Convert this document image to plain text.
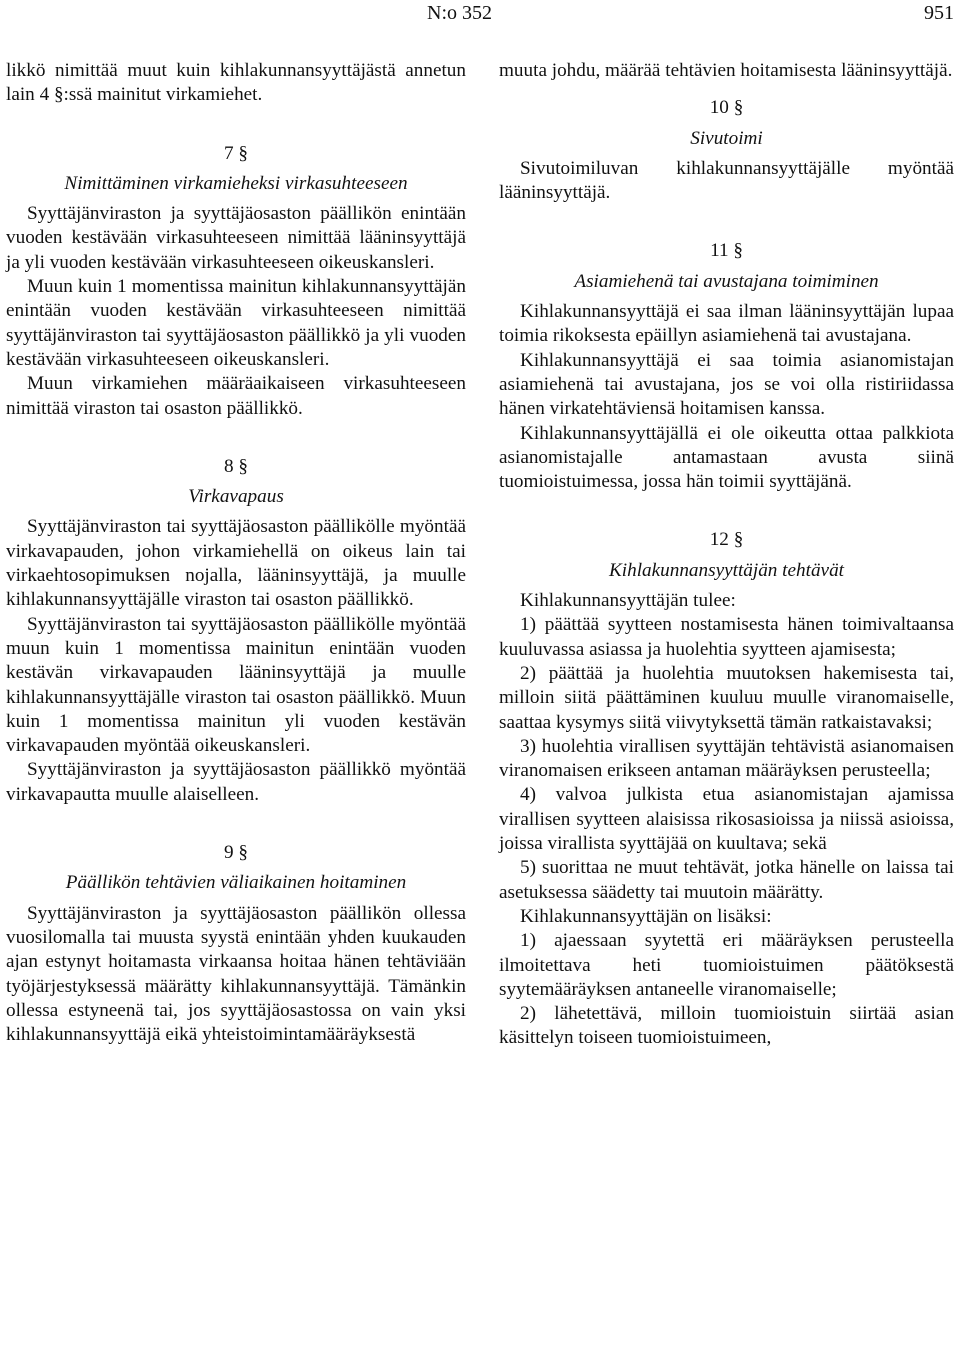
N:o 352	951

likkö nimittää muut kuin kihlakunnansyyttäjästä annetun lain 4 §:ssä mainitut virkamiehet.

7 §

Nimittäminen virkamieheksi virkasuhteeseen

Syyttäjänviraston ja syyttäjäosaston päällikön enintään vuoden kestävään virkasuhteeseen nimittää lääninsyyttäjä ja yli vuoden kestävään virkasuhteeseen oikeuskansleri.

Muun kuin 1 momentissa mainitun kihlakunnansyyttäjän enintään vuoden kestävään virkasuhteeseen nimittää syyttäjänviraston tai syyttäjäosaston päällikkö ja yli vuoden kestävään virkasuhteeseen oikeuskansleri.

Muun virkamiehen määräaikaiseen virkasuhteeseen nimittää viraston tai osaston päällikkö.

8 §

Virkavapaus

Syyttäjänviraston tai syyttäjäosaston päällikölle myöntää virkavapauden, johon virkamiehellä on oikeus lain tai virkaehtosopimuksen nojalla, lääninsyyttäjä, ja muulle kihlakunnansyyttäjälle viraston tai osaston päällikkö.

Syyttäjänviraston tai syyttäjäosaston päällikölle myöntää muun kuin 1 momentissa mainitun enintään vuoden kestävän virkavapauden lääninsyyttäjä ja muulle kihlakunnansyyttäjälle viraston tai osaston päällikkö. Muun kuin 1 momentissa mainitun yli vuoden kestävän virkavapauden myöntää oikeuskansleri.

Syyttäjänviraston ja syyttäjäosaston päällikkö myöntää virkavapautta muulle alaiselleen.

9 §

Päällikön tehtävien väliaikainen hoitaminen

Syyttäjänviraston ja syyttäjäosaston päällikön ollessa vuosilomalla tai muusta syystä enintään yhden kuukauden ajan estynyt hoitamasta virkaansa hoitaa hänen tehtäviään työjärjestyksessä määrätty kihlakunnansyyttäjä. Tämänkin ollessa estyneenä tai, jos syyttäjäosastossa on vain yksi kihlakunnansyyttäjä eikä yhteistoimintamääräyksestä

muuta johdu, määrää tehtävien hoitamisesta lääninsyyttäjä.

10 §

Sivutoimi

Sivutoimiluvan kihlakunnansyyttäjälle myöntää lääninsyyttäjä.

11 §

Asiamiehenä tai avustajana toimiminen

Kihlakunnansyyttäjä ei saa ilman lääninsyyttäjän lupaa toimia rikoksesta epäillyn asiamiehenä tai avustajana.

Kihlakunnansyyttäjä ei saa toimia asianomistajan asiamiehenä tai avustajana, jos se voi olla ristiriidassa hänen virkatehtäviensä hoitamisen kanssa.

Kihlakunnansyyttäjällä ei ole oikeutta ottaa palkkiota asianomistajalle antamastaan avusta siinä tuomioistuimessa, jossa hän toimii syyttäjänä.

12 §

Kihlakunnansyyttäjän tehtävät

Kihlakunnansyyttäjän tulee:

1) päättää syytteen nostamisesta hänen toimivaltaansa kuuluvassa asiassa ja huolehtia syytteen ajamisesta;

2) päättää ja huolehtia muutoksen hakemisesta tai, milloin siitä päättäminen kuuluu muulle viranomaiselle, saattaa kysymys siitä viivytyksettä tämän ratkaistavaksi;

3) huolehtia virallisen syyttäjän tehtävistä asianomaisen viranomaisen erikseen antaman määräyksen perusteella;

4) valvoa julkista etua asianomistajan ajamissa virallisen syytteen alaisissa rikosasioissa ja niissä asioissa, joissa virallista syyttäjää on kuultava; sekä

5) suorittaa ne muut tehtävät, jotka hänelle on laissa tai asetuksessa säädetty tai muutoin määrätty.

Kihlakunnansyyttäjän on lisäksi:

1) ajaessaan syytettä eri määräyksen perusteella ilmoitettava heti tuomioistuimen päätöksestä syytemääräyksen antaneelle viranomaiselle;

2) lähetettävä, milloin tuomioistuin siirtää asian käsittelyn toiseen tuomioistuimeen,
